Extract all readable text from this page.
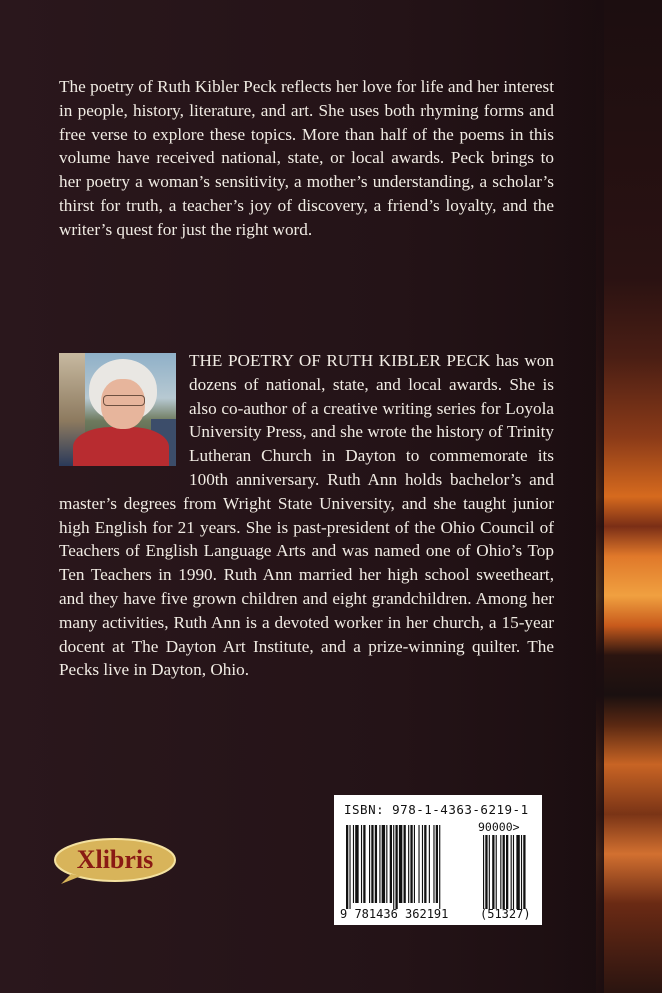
The poetry of Ruth Kibler Peck reflects her love for life and her interest in people, history, literature, and art. She uses both rhyming forms and free verse to explore these topics. More than half of the poems in this volume have received national, state, or local awards. Peck brings to her poetry a woman’s sensitivity, a mother’s understanding, a scholar’s thirst for truth, a teacher’s joy of discovery, a friend’s loyalty, and the writer’s quest for just the right word.
THE POETRY OF RUTH KIBLER PECK has won dozens of national, state, and local awards. She is also co-author of a creative writing series for Loyola University Press, and she wrote the history of Trinity Lutheran Church in Dayton to commemorate its 100th anniversary. Ruth Ann holds bachelor’s and master’s degrees from Wright State University, and she taught junior high English for 21 years. She is past-president of the Ohio Council of Teachers of English Language Arts and was named one of Ohio’s Top Ten Teachers in 1990. Ruth Ann married her high school sweetheart, and they have five grown children and eight grandchildren. Among her many activities, Ruth Ann is a devoted worker in her church, a 15-year docent at The Dayton Art Institute, and a prize-winning quilter. The Pecks live in Dayton, Ohio.
Xlibris
ISBN: 978-1-4363-6219-1
90000>
9 781436 362191	(51327)
